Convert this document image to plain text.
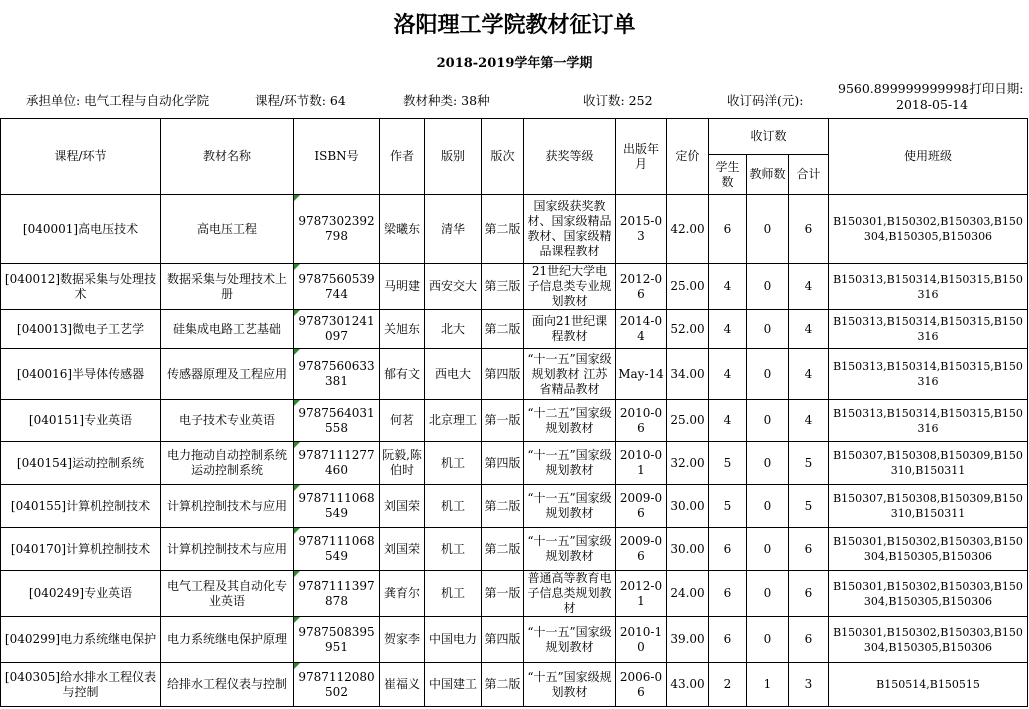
洛阳理工学院教材征订单
2018-2019学年第一学期
承担单位: 电气工程与自动化学院	课程/环节数: 64	教材种类: 38种	收订数: 252	收订码洋(元):
9560.899999999998打印日期:
2018-05-14
课程/环节	教材名称	ISBN号	作者	版别	版次	获奖等级	出版年月	定价	收订数			使用班级
									学生数	教师数	合计	
[040001]高电压技术	高电压工程	9787302392798	梁曦东	清华	第二版	国家级获奖教材、国家级精品教材、国家级精品课程教材	2015-03	42.00	6	0	6	B150301,B150302,B150303,B150304,B150305,B150306
[040012]数据采集与处理技术	数据采集与处理技术上册	9787560539744	马明建	西安交大	第三版	21世纪大学电子信息类专业规划教材	2012-06	25.00	4	0	4	B150313,B150314,B150315,B150316
[040013]微电子工艺学	硅集成电路工艺基础	9787301241097	关旭东	北大	第二版	面向21世纪课程教材	2014-04	52.00	4	0	4	B150313,B150314,B150315,B150316
[040016]半导体传感器	传感器原理及工程应用	9787560633381	郁有文	西电大	第四版	“十一五”国家级规划教材 江苏省精品教材	May-14	34.00	4	0	4	B150313,B150314,B150315,B150316
[040151]专业英语	电子技术专业英语	9787564031558	何茗	北京理工	第一版	“十二五”国家级规划教材	2010-06	25.00	4	0	4	B150313,B150314,B150315,B150316
[040154]运动控制系统	电力拖动自动控制系统运动控制系统	9787111277460	阮毅,陈伯时	机工	第四版	“十一五”国家级规划教材	2010-01	32.00	5	0	5	B150307,B150308,B150309,B150310,B150311
[040155]计算机控制技术	计算机控制技术与应用	9787111068549	刘国荣	机工	第二版	“十一五”国家级规划教材	2009-06	30.00	5	0	5	B150307,B150308,B150309,B150310,B150311
[040170]计算机控制技术	计算机控制技术与应用	9787111068549	刘国荣	机工	第二版	“十一五”国家级规划教材	2009-06	30.00	6	0	6	B150301,B150302,B150303,B150304,B150305,B150306
[040249]专业英语	电气工程及其自动化专业英语	9787111397878	龚育尔	机工	第一版	普通高等教育电子信息类规划教材	2012-01	24.00	6	0	6	B150301,B150302,B150303,B150304,B150305,B150306
[040299]电力系统继电保护	电力系统继电保护原理	9787508395951	贺家李	中国电力	第四版	“十一五”国家级规划教材	2010-10	39.00	6	0	6	B150301,B150302,B150303,B150304,B150305,B150306
[040305]给水排水工程仪表与控制	给排水工程仪表与控制	9787112080502	崔福义	中国建工	第二版	“十五”国家级规划教材	2006-06	43.00	2	1	3	B150514,B150515
